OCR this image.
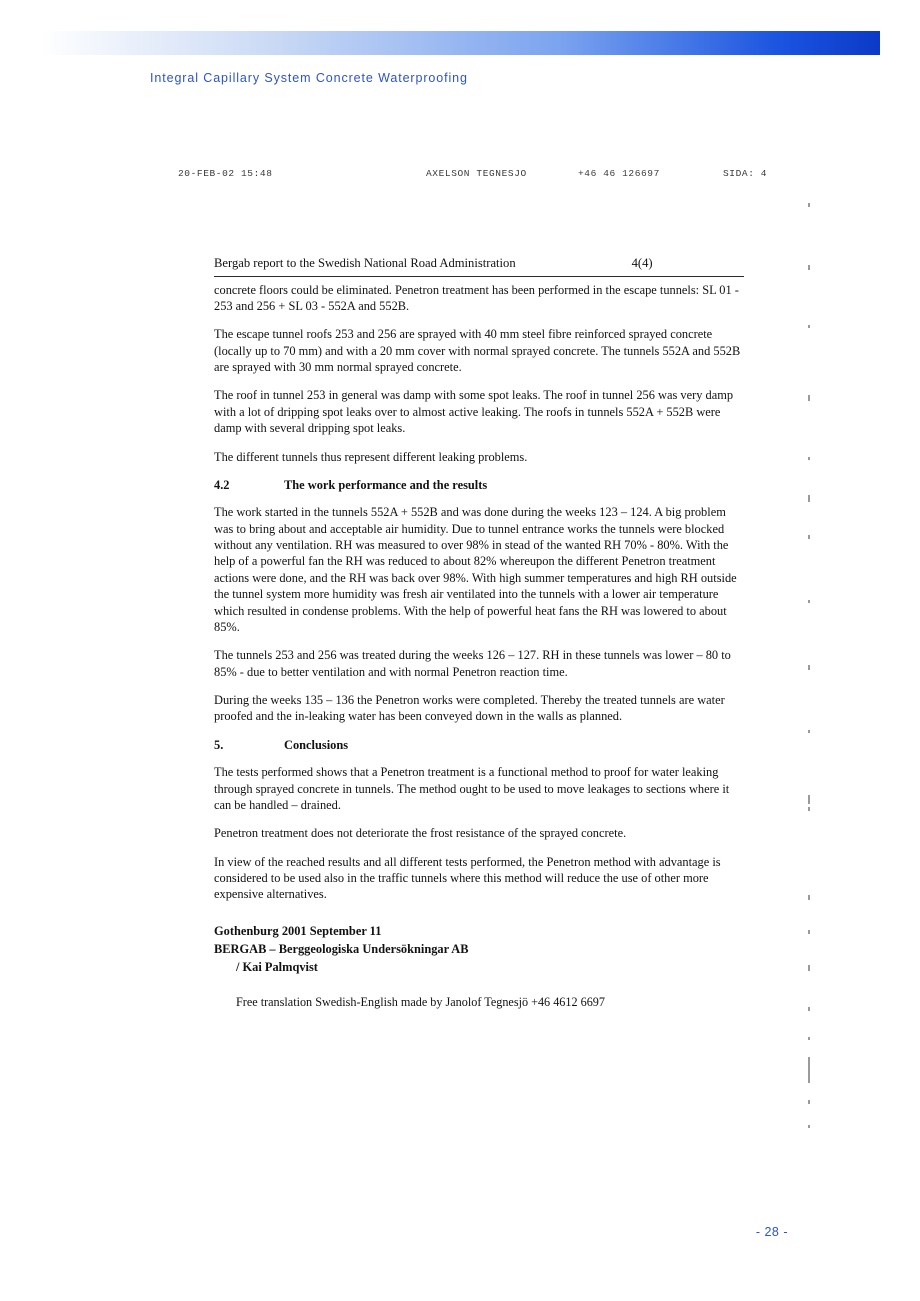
Integral Capillary System Concrete Waterproofing
20-FEB-02 15:48	AXELSON TEGNESJO	+46 46 126697	SIDA: 4
Bergab report to the Swedish National Road Administration	4(4)

concrete floors could be eliminated. Penetron treatment has been performed in the escape tunnels: SL 01 - 253 and 256 + SL 03 - 552A and 552B.

The escape tunnel roofs 253 and 256 are sprayed with 40 mm steel fibre reinforced sprayed concrete (locally up to 70 mm) and with a 20 mm cover with normal sprayed concrete. The tunnels 552A and 552B are sprayed with 30 mm normal sprayed concrete.

The roof in tunnel 253 in general was damp with some spot leaks. The roof in tunnel 256 was very damp with a lot of dripping spot leaks over to almost active leaking. The roofs in tunnels 552A + 552B were damp with several dripping spot leaks.

The different tunnels thus represent different leaking problems.

4.2	The work performance and the results

The work started in the tunnels 552A + 552B and was done during the weeks 123 – 124. A big problem was to bring about and acceptable air humidity. Due to tunnel entrance works the tunnels were blocked without any ventilation. RH was measured to over 98% in stead of the wanted RH 70% - 80%. With the help of a powerful fan the RH was reduced to about 82% whereupon the different Penetron treatment actions were done, and the RH was back over 98%. With high summer temperatures and high RH outside the tunnel system more humidity was fresh air ventilated into the tunnels with a lower air temperature which resulted in condense problems. With the help of powerful heat fans the RH was lowered to about 85%.

The tunnels 253 and 256 was treated during the weeks 126 – 127. RH in these tunnels was lower – 80 to 85% - due to better ventilation and with normal Penetron reaction time.

During the weeks 135 – 136 the Penetron works were completed. Thereby the treated tunnels are water proofed and the in-leaking water has been conveyed down in the walls as planned.

5.	Conclusions

The tests performed shows that a Penetron treatment is a functional method to proof for water leaking through sprayed concrete in tunnels. The method ought to be used to move leakages to sections where it can be handled – drained.

Penetron treatment does not deteriorate the frost resistance of the sprayed concrete.

In view of the reached results and all different tests performed, the Penetron method with advantage is considered to be used also in the traffic tunnels where this method will reduce the use of other more expensive alternatives.

Gothenburg 2001 September 11
BERGAB – Berggeologiska Undersökningar AB
/ Kai Palmqvist
Free translation Swedish-English made by Janolof Tegnesjö +46 4612 6697
- 28 -
